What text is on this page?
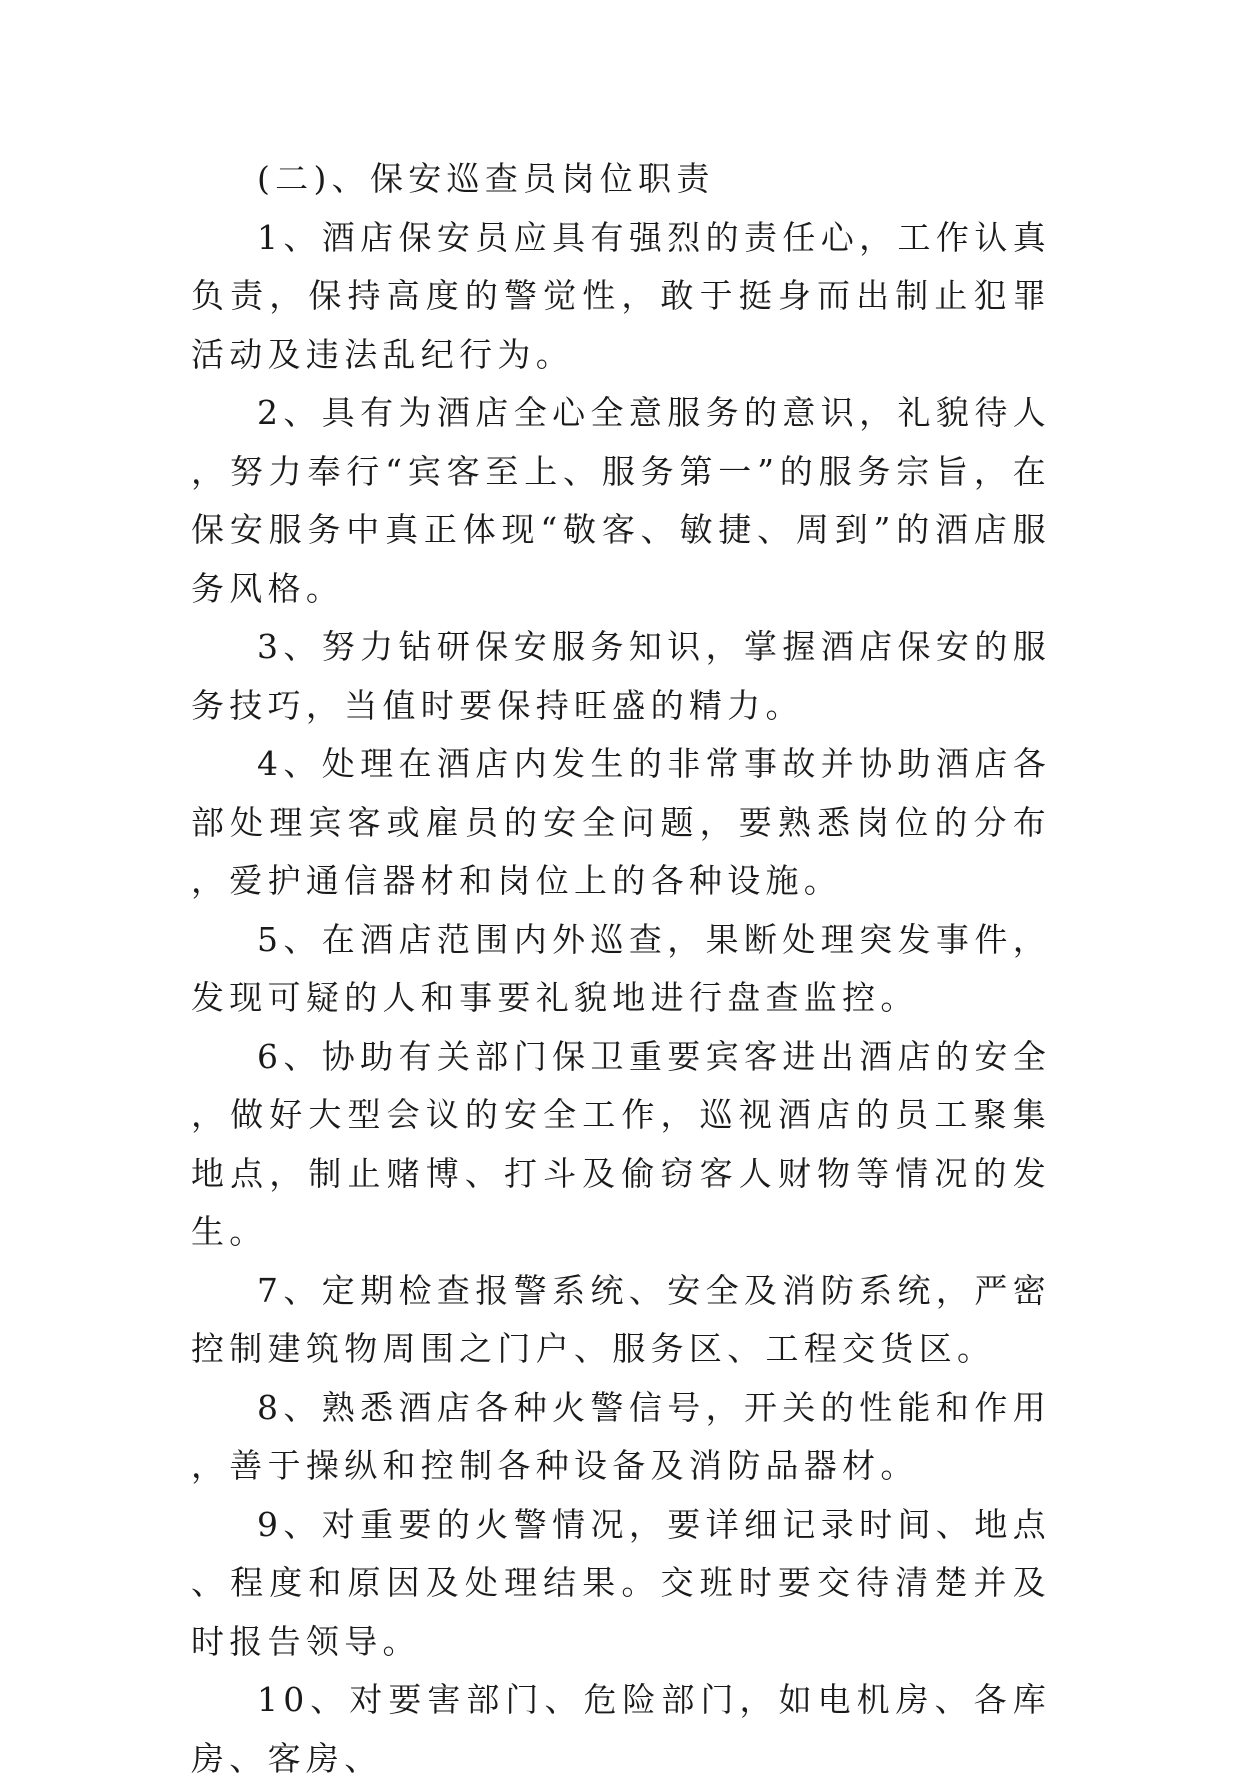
(二)、保安巡查员岗位职责

1、酒店保安员应具有强烈的责任心，工作认真负责，保持高度的警觉性，敢于挺身而出制止犯罪活动及违法乱纪行为。

2、具有为酒店全心全意服务的意识，礼貌待人，努力奉行“宾客至上、服务第一”的服务宗旨，在保安服务中真正体现“敬客、敏捷、周到”的酒店服务风格。

3、努力钻研保安服务知识，掌握酒店保安的服务技巧，当值时要保持旺盛的精力。

4、处理在酒店内发生的非常事故并协助酒店各部处理宾客或雇员的安全问题，要熟悉岗位的分布，爱护通信器材和岗位上的各种设施。

5、在酒店范围内外巡查，果断处理突发事件，发现可疑的人和事要礼貌地进行盘查监控。

6、协助有关部门保卫重要宾客进出酒店的安全，做好大型会议的安全工作，巡视酒店的员工聚集地点，制止赌博、打斗及偷窃客人财物等情况的发生。

7、定期检查报警系统、安全及消防系统，严密控制建筑物周围之门户、服务区、工程交货区。

8、熟悉酒店各种火警信号，开关的性能和作用，善于操纵和控制各种设备及消防品器材。

9、对重要的火警情况，要详细记录时间、地点、程度和原因及处理结果。交班时要交待清楚并及时报告领导。

10、对要害部门、危险部门，如电机房、各库房、客房、
